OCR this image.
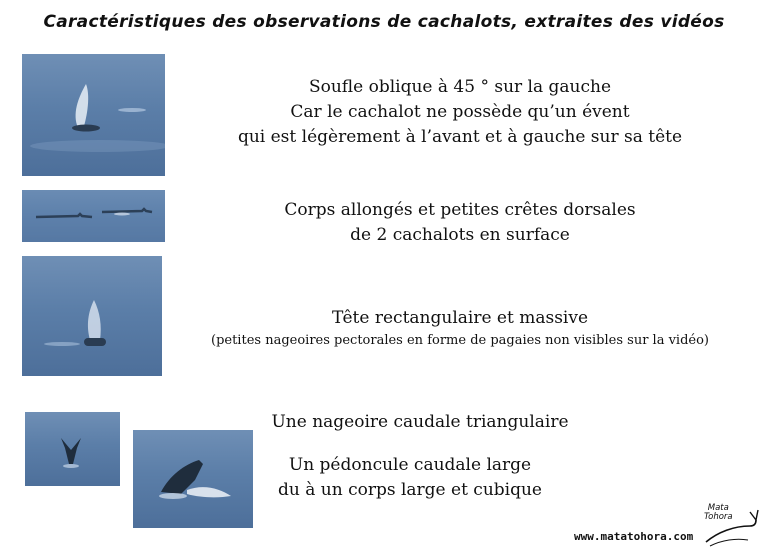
Caractéristiques des observations de cachalots, extraites des vidéos
Soufle oblique à 45 ° sur la gauche
Car le cachalot ne possède qu’un évent
qui est légèrement à l’avant et à gauche sur sa tête
Corps allongés et petites crêtes dorsales
de 2 cachalots en surface
Tête rectangulaire et massive
(petites nageoires pectorales en forme de pagaies non visibles sur la vidéo)
Une nageoire caudale triangulaire
Un pédoncule caudale large
du à un corps large et cubique
www.matatohora.com
Mata
Tohora
